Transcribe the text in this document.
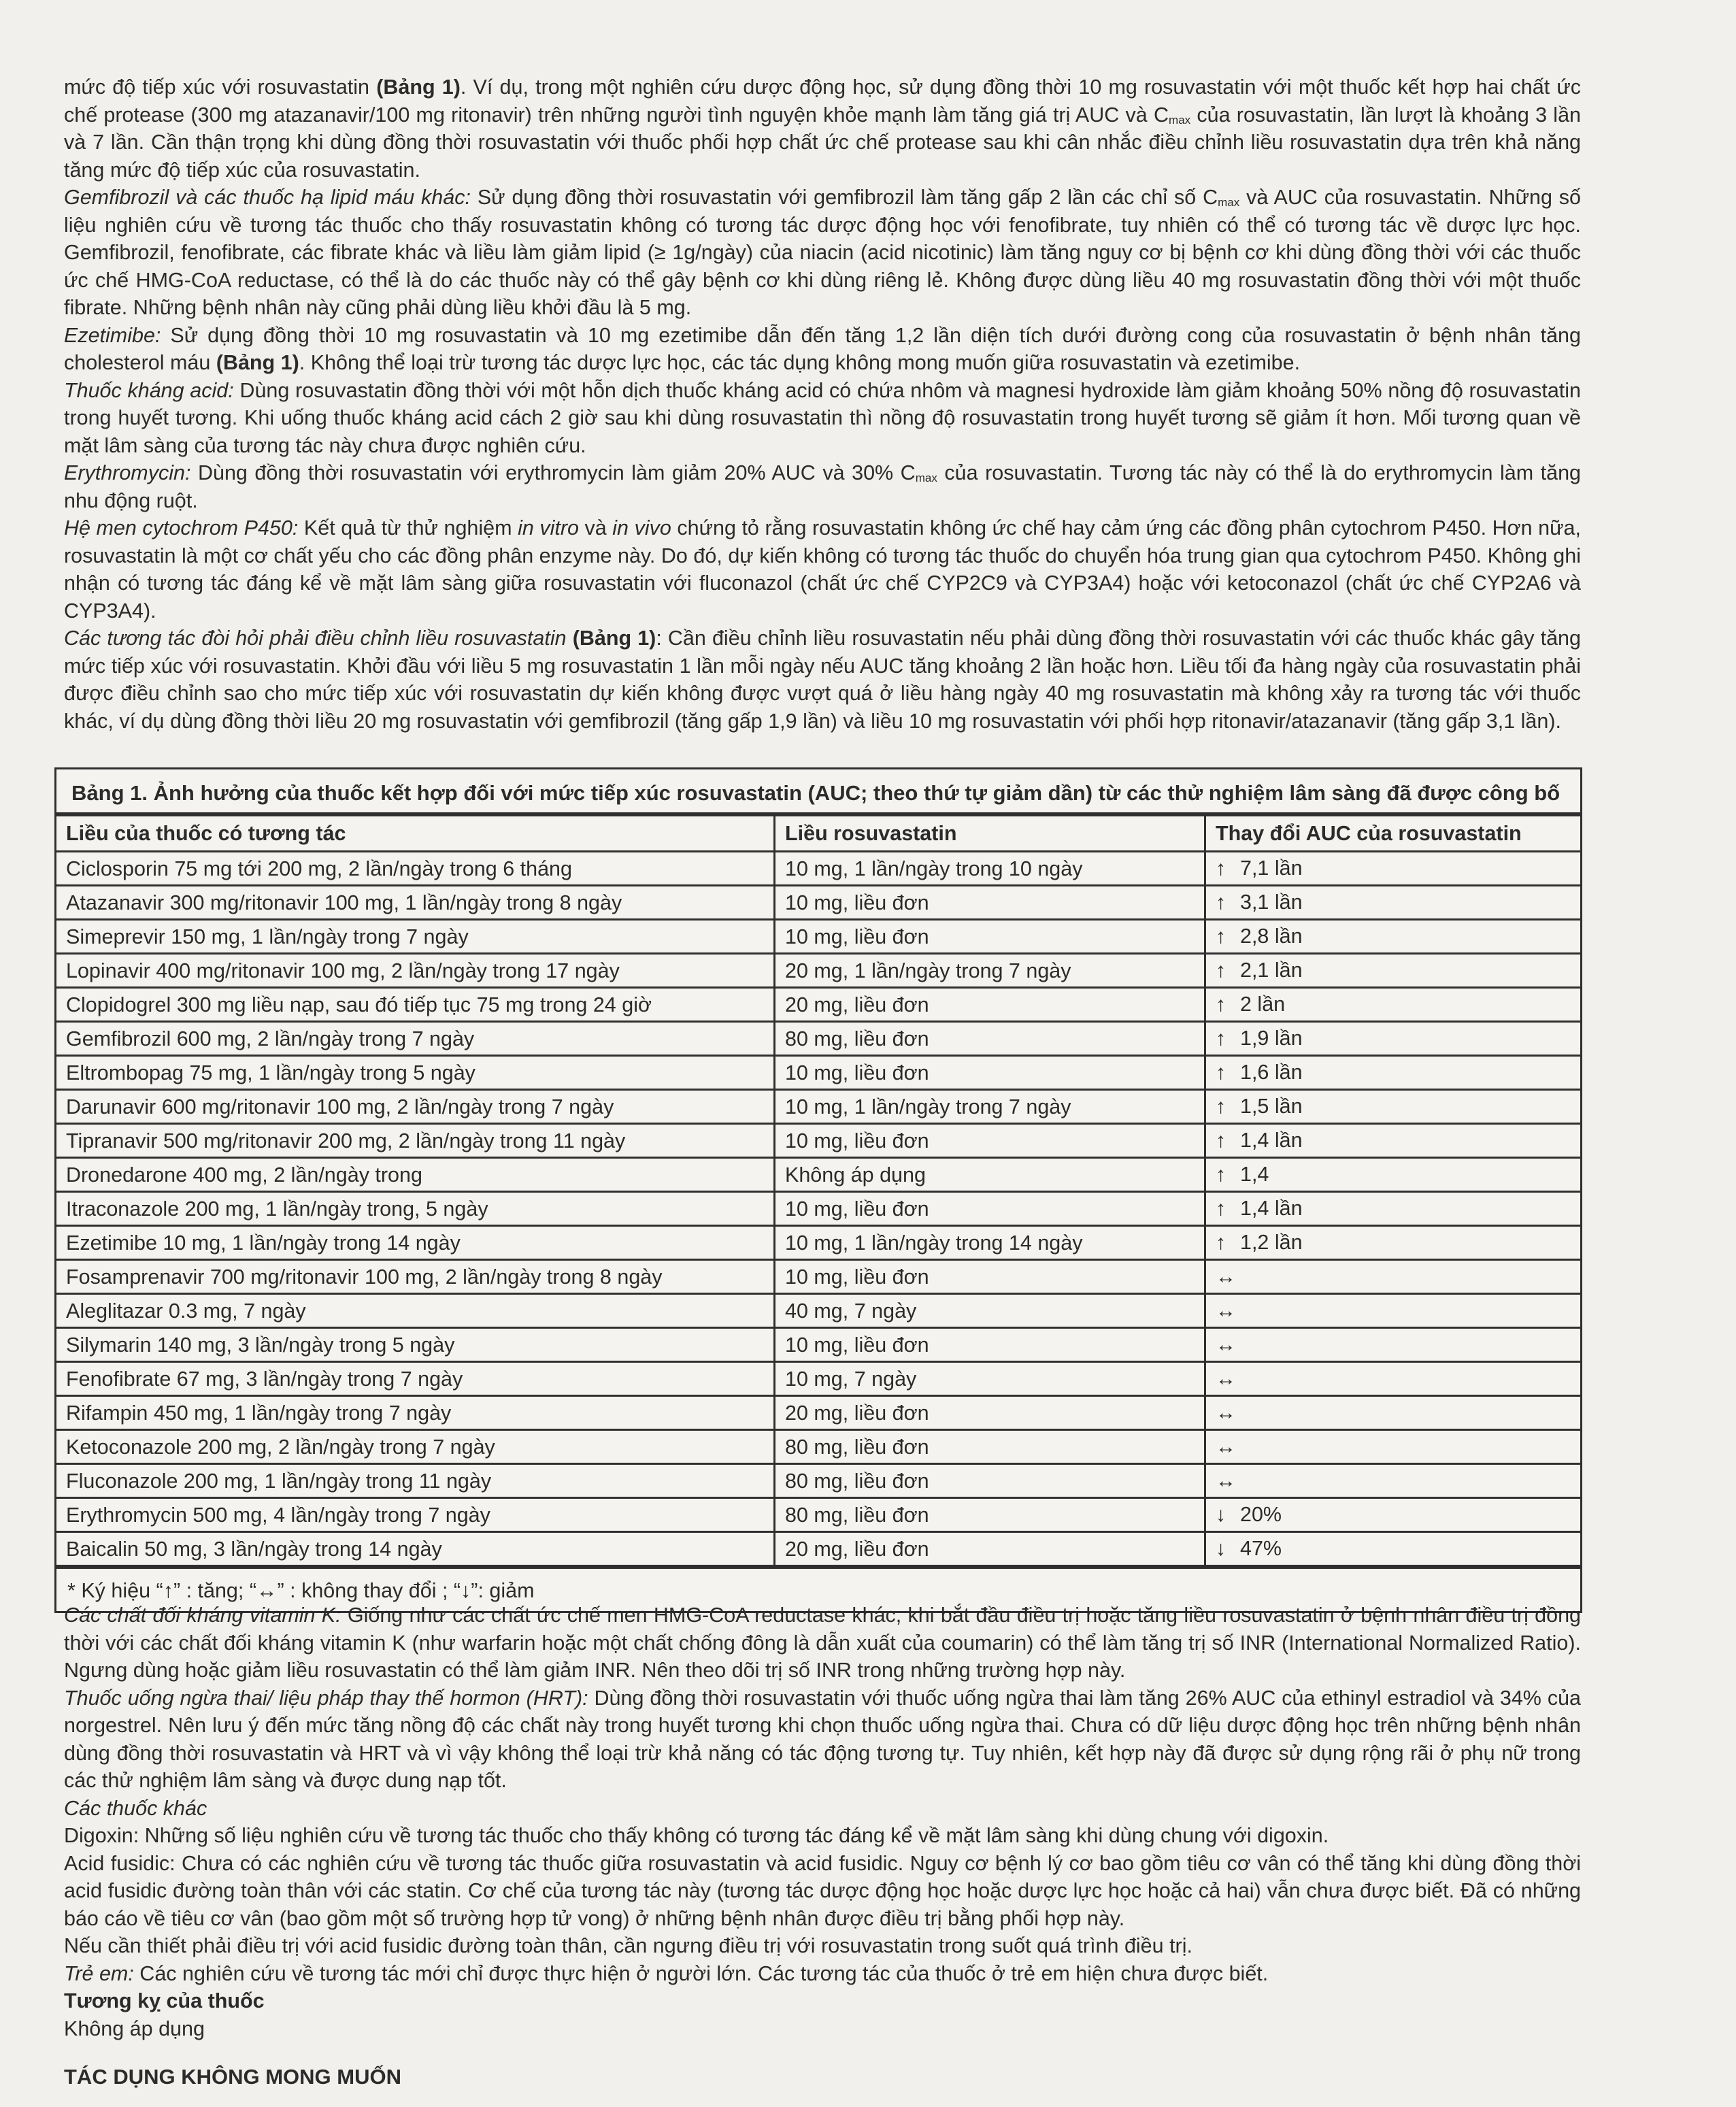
mức độ tiếp xúc với rosuvastatin (Bảng 1). Ví dụ, trong một nghiên cứu dược động học, sử dụng đồng thời 10 mg rosuvastatin với một thuốc kết hợp hai chất ức chế protease (300 mg atazanavir/100 mg ritonavir) trên những người tình nguyện khỏe mạnh làm tăng giá trị AUC và $C_{max}$ của rosuvastatin, lần lượt là khoảng 3 lần và 7 lần. Cần thận trọng khi dùng đồng thời rosuvastatin với thuốc phối hợp chất ức chế protease sau khi cân nhắc điều chỉnh liều rosuvastatin dựa trên khả năng tăng mức độ tiếp xúc của rosuvastatin.

Gemfibrozil và các thuốc hạ lipid máu khác: Sử dụng đồng thời rosuvastatin với gemfibrozil làm tăng gấp 2 lần các chỉ số $C_{max}$ và AUC của rosuvastatin. Những số liệu nghiên cứu về tương tác thuốc cho thấy rosuvastatin không có tương tác dược động học với fenofibrate, tuy nhiên có thể có tương tác về dược lực học. Gemfibrozil, fenofibrate, các fibrate khác và liều làm giảm lipid (≥ 1g/ngày) của niacin (acid nicotinic) làm tăng nguy cơ bị bệnh cơ khi dùng đồng thời với các thuốc ức chế HMG-CoA reductase, có thể là do các thuốc này có thể gây bệnh cơ khi dùng riêng lẻ. Không được dùng liều 40 mg rosuvastatin đồng thời với một thuốc fibrate. Những bệnh nhân này cũng phải dùng liều khởi đầu là 5 mg.

Ezetimibe: Sử dụng đồng thời 10 mg rosuvastatin và 10 mg ezetimibe dẫn đến tăng 1,2 lần diện tích dưới đường cong của rosuvastatin ở bệnh nhân tăng cholesterol máu (Bảng 1). Không thể loại trừ tương tác dược lực học, các tác dụng không mong muốn giữa rosuvastatin và ezetimibe.

Thuốc kháng acid: Dùng rosuvastatin đồng thời với một hỗn dịch thuốc kháng acid có chứa nhôm và magnesi hydroxide làm giảm khoảng 50% nồng độ rosuvastatin trong huyết tương. Khi uống thuốc kháng acid cách 2 giờ sau khi dùng rosuvastatin thì nồng độ rosuvastatin trong huyết tương sẽ giảm ít hơn. Mối tương quan về mặt lâm sàng của tương tác này chưa được nghiên cứu.

Erythromycin: Dùng đồng thời rosuvastatin với erythromycin làm giảm 20% AUC và 30% $C_{max}$ của rosuvastatin. Tương tác này có thể là do erythromycin làm tăng nhu động ruột.

Hệ men cytochrom P450: Kết quả từ thử nghiệm in vitro và in vivo chứng tỏ rằng rosuvastatin không ức chế hay cảm ứng các đồng phân cytochrom P450. Hơn nữa, rosuvastatin là một cơ chất yếu cho các đồng phân enzyme này. Do đó, dự kiến không có tương tác thuốc do chuyển hóa trung gian qua cytochrom P450. Không ghi nhận có tương tác đáng kể về mặt lâm sàng giữa rosuvastatin với fluconazol (chất ức chế CYP2C9 và CYP3A4) hoặc với ketoconazol (chất ức chế CYP2A6 và CYP3A4).

Các tương tác đòi hỏi phải điều chỉnh liều rosuvastatin (Bảng 1): Cần điều chỉnh liều rosuvastatin nếu phải dùng đồng thời rosuvastatin với các thuốc khác gây tăng mức tiếp xúc với rosuvastatin. Khởi đầu với liều 5 mg rosuvastatin 1 lần mỗi ngày nếu AUC tăng khoảng 2 lần hoặc hơn. Liều tối đa hàng ngày của rosuvastatin phải được điều chỉnh sao cho mức tiếp xúc với rosuvastatin dự kiến không được vượt quá ở liều hàng ngày 40 mg rosuvastatin mà không xảy ra tương tác với thuốc khác, ví dụ dùng đồng thời liều 20 mg rosuvastatin với gemfibrozil (tăng gấp 1,9 lần) và liều 10 mg rosuvastatin với phối hợp ritonavir/atazanavir (tăng gấp 3,1 lần).

Bảng 1. Ảnh hưởng của thuốc kết hợp đối với mức tiếp xúc rosuvastatin (AUC; theo thứ tự giảm dần) từ các thử nghiệm lâm sàng đã được công bố
Liều của thuốc có tương tác	Liều rosuvastatin	Thay đổi AUC của rosuvastatin
Ciclosporin 75 mg tới 200 mg, 2 lần/ngày trong 6 tháng	10 mg, 1 lần/ngày trong 10 ngày	↑ 7,1 lần
Atazanavir 300 mg/ritonavir 100 mg, 1 lần/ngày trong 8 ngày	10 mg, liều đơn	↑ 3,1 lần
Simeprevir 150 mg, 1 lần/ngày trong 7 ngày	10 mg, liều đơn	↑ 2,8 lần
Lopinavir 400 mg/ritonavir 100 mg, 2 lần/ngày trong 17 ngày	20 mg, 1 lần/ngày trong 7 ngày	↑ 2,1 lần
Clopidogrel 300 mg liều nạp, sau đó tiếp tục 75 mg trong 24 giờ	20 mg, liều đơn	↑ 2 lần
Gemfibrozil 600 mg, 2 lần/ngày trong 7 ngày	80 mg, liều đơn	↑ 1,9 lần
Eltrombopag 75 mg, 1 lần/ngày trong 5 ngày	10 mg, liều đơn	↑ 1,6 lần
Darunavir 600 mg/ritonavir 100 mg, 2 lần/ngày trong 7 ngày	10 mg, 1 lần/ngày trong 7 ngày	↑ 1,5 lần
Tipranavir 500 mg/ritonavir 200 mg, 2 lần/ngày trong 11 ngày	10 mg, liều đơn	↑ 1,4 lần
Dronedarone 400 mg, 2 lần/ngày trong	Không áp dụng	↑ 1,4
Itraconazole 200 mg, 1 lần/ngày trong, 5 ngày	10 mg, liều đơn	↑ 1,4 lần
Ezetimibe 10 mg, 1 lần/ngày trong 14 ngày	10 mg, 1 lần/ngày trong 14 ngày	↑ 1,2 lần
Fosamprenavir 700 mg/ritonavir 100 mg, 2 lần/ngày trong 8 ngày	10 mg, liều đơn	↔
Aleglitazar 0.3 mg, 7 ngày	40 mg, 7 ngày	↔
Silymarin 140 mg, 3 lần/ngày trong 5 ngày	10 mg, liều đơn	↔
Fenofibrate 67 mg, 3 lần/ngày trong 7 ngày	10 mg, 7 ngày	↔
Rifampin 450 mg, 1 lần/ngày trong 7 ngày	20 mg, liều đơn	↔
Ketoconazole 200 mg, 2 lần/ngày trong 7 ngày	80 mg, liều đơn	↔
Fluconazole 200 mg, 1 lần/ngày trong 11 ngày	80 mg, liều đơn	↔
Erythromycin 500 mg, 4 lần/ngày trong 7 ngày	80 mg, liều đơn	↓ 20%
Baicalin 50 mg, 3 lần/ngày trong 14 ngày	20 mg, liều đơn	↓ 47%
* Ký hiệu “↑” : tăng; “↔” : không thay đổi ; “↓”: giảm

Các chất đối kháng vitamin K: Giống như các chất ức chế men HMG-CoA reductase khác, khi bắt đầu điều trị hoặc tăng liều rosuvastatin ở bệnh nhân điều trị đồng thời với các chất đối kháng vitamin K (như warfarin hoặc một chất chống đông là dẫn xuất của coumarin) có thể làm tăng trị số INR (International Normalized Ratio). Ngưng dùng hoặc giảm liều rosuvastatin có thể làm giảm INR. Nên theo dõi trị số INR trong những trường hợp này.

Thuốc uống ngừa thai/ liệu pháp thay thế hormon (HRT): Dùng đồng thời rosuvastatin với thuốc uống ngừa thai làm tăng 26% AUC của ethinyl estradiol và 34% của norgestrel. Nên lưu ý đến mức tăng nồng độ các chất này trong huyết tương khi chọn thuốc uống ngừa thai. Chưa có dữ liệu dược động học trên những bệnh nhân dùng đồng thời rosuvastatin và HRT và vì vậy không thể loại trừ khả năng có tác động tương tự. Tuy nhiên, kết hợp này đã được sử dụng rộng rãi ở phụ nữ trong các thử nghiệm lâm sàng và được dung nạp tốt.

Các thuốc khác

Digoxin: Những số liệu nghiên cứu về tương tác thuốc cho thấy không có tương tác đáng kể về mặt lâm sàng khi dùng chung với digoxin.

Acid fusidic: Chưa có các nghiên cứu về tương tác thuốc giữa rosuvastatin và acid fusidic. Nguy cơ bệnh lý cơ bao gồm tiêu cơ vân có thể tăng khi dùng đồng thời acid fusidic đường toàn thân với các statin. Cơ chế của tương tác này (tương tác dược động học hoặc dược lực học hoặc cả hai) vẫn chưa được biết. Đã có những báo cáo về tiêu cơ vân (bao gồm một số trường hợp tử vong) ở những bệnh nhân được điều trị bằng phối hợp này.

Nếu cần thiết phải điều trị với acid fusidic đường toàn thân, cần ngưng điều trị với rosuvastatin trong suốt quá trình điều trị.

Trẻ em: Các nghiên cứu về tương tác mới chỉ được thực hiện ở người lớn. Các tương tác của thuốc ở trẻ em hiện chưa được biết.

Tương kỵ của thuốc

Không áp dụng

TÁC DỤNG KHÔNG MONG MUỐN
